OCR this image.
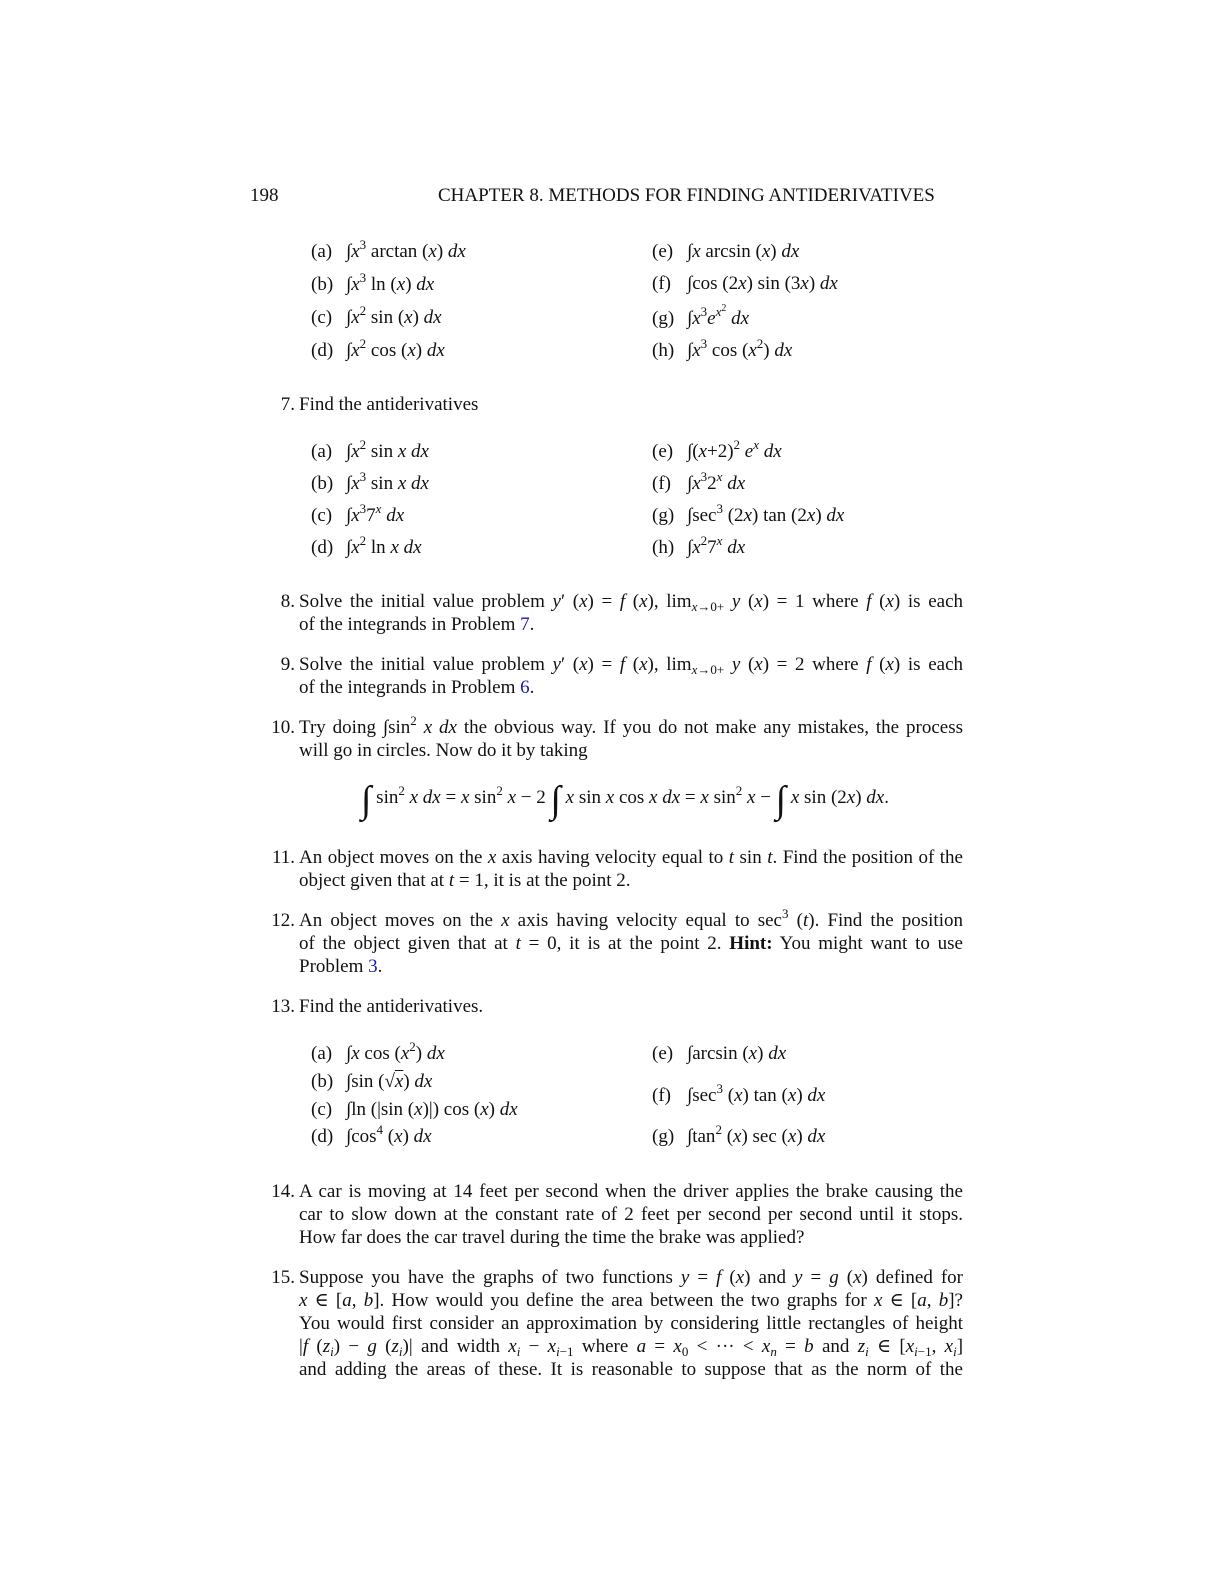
198	CHAPTER 8. METHODS FOR FINDING ANTIDERIVATIVES
(a) $\int x^3$ arctan (x) dx
(b) $\int x^3$ ln (x) dx
(c) $\int x^2$ sin (x) dx
(d) $\int x^2$ cos (x) dx
(e) ∫x arcsin (x) dx
(f) ∫cos (2x) sin (3x) dx
(g) $\int x^3e^{x^2}$ dx
(h) $\int x^3$ $\cos (x^2)$ dx
7. Find the antiderivatives
(a) $\int x^2$ sin x dx
(b) $\int x^3$ sin x dx
(c) $\int x^37^x$ dx
(d) $\int x^2$ ln x dx
(e) $\int(x+2)^2$ $e^x$ dx
(f) $\int x^32^x$ dx
(g) $\int\sec^3$ (2x) tan (2x) dx
(h) $\int x^27^x$ dx
8. Solve the initial value problem y′ (x) = f (x), $\lim_{x\to 0+} y$ (x) = 1 where f (x) is each
of the integrands in Problem 7.
9. Solve the initial value problem y′ (x) = f (x), $\lim_{x\to 0+} y$ (x) = 2 where f (x) is each
of the integrands in Problem 6.
10. Try doing $\int\sin^2$ x dx the obvious way. If you do not make any mistakes, the process
will go in circles. Now do it by taking
∫ $\sin^2 x$ dx = x $\sin^2 x - 2$ ∫ x sin x cos x dx = x $\sin^2 x$ − ∫ x sin (2x) dx.
11. An object moves on the x axis having velocity equal to t sin t. Find the position of the
object given that at t = 1, it is at the point 2.
12. An object moves on the x axis having velocity equal to $\sec^3 (t)$. Find the position
of the object given that at t = 0, it is at the point 2. Hint: You might want to use
Problem 3.
13. Find the antiderivatives.
(a) ∫x $\cos (x^2)$ dx
(b) ∫sin (√x) dx
(c) ∫ln (|sin (x)|) cos (x) dx
(d) $\int\cos^4$ (x) dx
(e) ∫arcsin (x) dx
(f) $\int\sec^3$ (x) tan (x) dx
(g) $\int\tan^2$ (x) sec (x) dx
14. A car is moving at 14 feet per second when the driver applies the brake causing the
car to slow down at the constant rate of 2 feet per second per second until it stops.
How far does the car travel during the time the brake was applied?
15. Suppose you have the graphs of two functions y = f (x) and y = g (x) defined for
x ∈ [a, b]. How would you define the area between the two graphs for x ∈ [a, b]?
You would first consider an approximation by considering little rectangles of height
|f $(z_i) - g$ $(z_i)|$ and width $x_i - x_{i-1}$ where $a = x_0$ < ··· < $x_n = b$ and $z_i$ ∈ [$x_{i-1}$, $x_i$]
and adding the areas of these. It is reasonable to suppose that as the norm of the
